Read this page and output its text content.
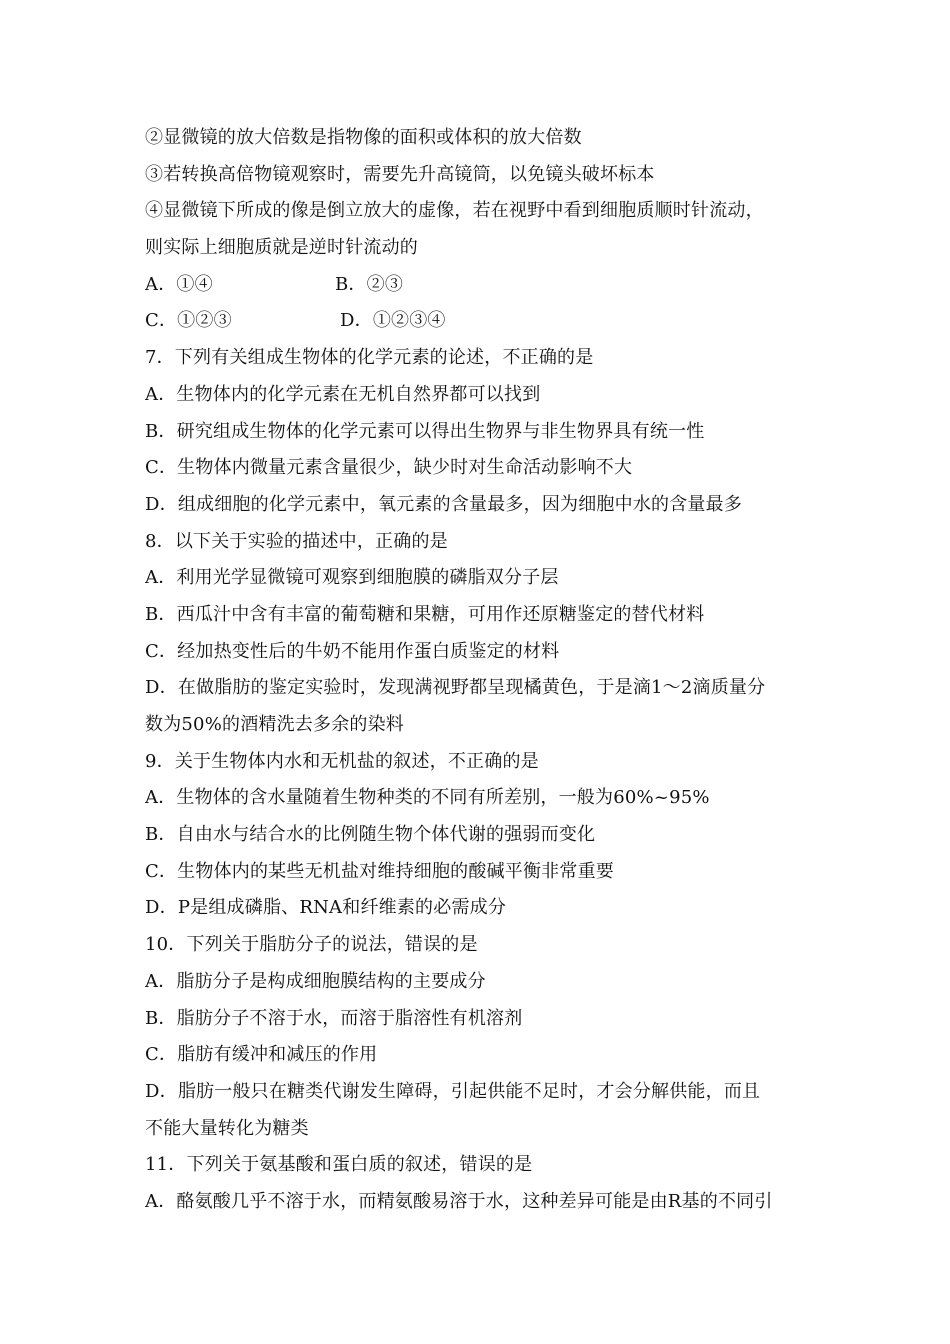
②显微镜的放大倍数是指物像的面积或体积的放大倍数
③若转换高倍物镜观察时，需要先升高镜筒，以免镜头破坏标本
④显微镜下所成的像是倒立放大的虚像，若在视野中看到细胞质顺时针流动，
则实际上细胞质就是逆时针流动的
A．①④	B．②③
C．①②③	D．①②③④
7．下列有关组成生物体的化学元素的论述，不正确的是
A．生物体内的化学元素在无机自然界都可以找到
B．研究组成生物体的化学元素可以得出生物界与非生物界具有统一性
C．生物体内微量元素含量很少，缺少时对生命活动影响不大
D．组成细胞的化学元素中，氧元素的含量最多，因为细胞中水的含量最多
8．以下关于实验的描述中，正确的是
A．利用光学显微镜可观察到细胞膜的磷脂双分子层
B．西瓜汁中含有丰富的葡萄糖和果糖，可用作还原糖鉴定的替代材料
C．经加热变性后的牛奶不能用作蛋白质鉴定的材料
D．在做脂肪的鉴定实验时，发现满视野都呈现橘黄色，于是滴1～2滴质量分
数为50%的酒精洗去多余的染料
9．关于生物体内水和无机盐的叙述，不正确的是
A．生物体的含水量随着生物种类的不同有所差别，一般为60%~95%
B．自由水与结合水的比例随生物个体代谢的强弱而变化
C．生物体内的某些无机盐对维持细胞的酸碱平衡非常重要
D．P是组成磷脂、RNA和纤维素的必需成分
10．下列关于脂肪分子的说法，错误的是
A．脂肪分子是构成细胞膜结构的主要成分
B．脂肪分子不溶于水，而溶于脂溶性有机溶剂
C．脂肪有缓冲和减压的作用
D．脂肪一般只在糖类代谢发生障碍，引起供能不足时，才会分解供能，而且
不能大量转化为糖类
11．下列关于氨基酸和蛋白质的叙述，错误的是
A．酪氨酸几乎不溶于水，而精氨酸易溶于水，这种差异可能是由R基的不同引
